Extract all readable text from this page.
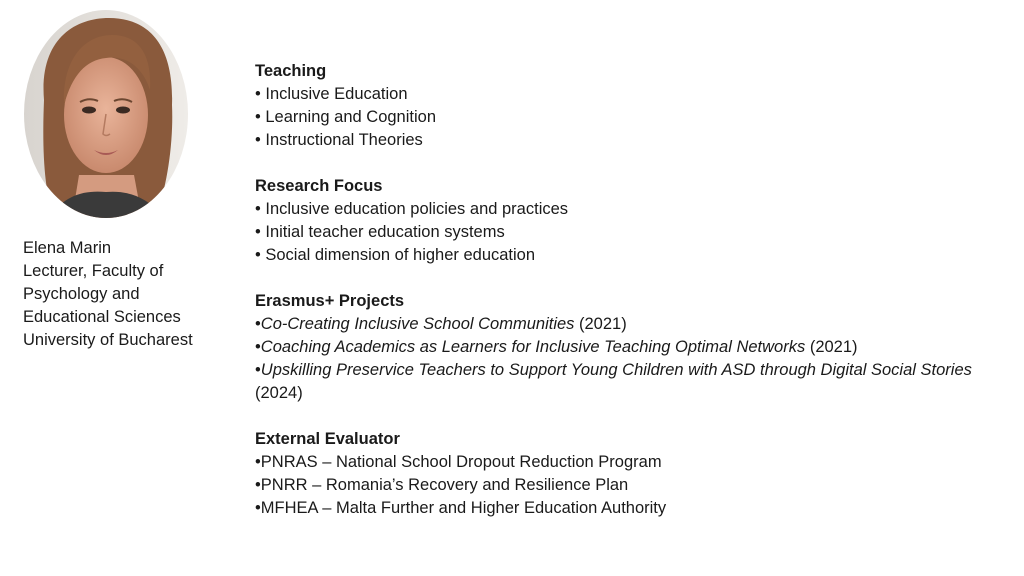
Elena Marin
Lecturer, Faculty of
Psychology and
Educational Sciences
University of Bucharest
Teaching
• Inclusive Education
• Learning and Cognition
• Instructional Theories
Research Focus
• Inclusive education policies and practices
• Initial teacher education systems
• Social dimension of higher education
Erasmus+ Projects
•Co-Creating Inclusive School Communities (2021)
•Coaching Academics as Learners for Inclusive Teaching Optimal Networks (2021)
•Upskilling Preservice Teachers to Support Young Children with ASD through Digital Social Stories (2024)
External Evaluator
•PNRAS – National School Dropout Reduction Program
•PNRR – Romania’s Recovery and Resilience Plan
•MFHEA – Malta Further and Higher Education Authority
